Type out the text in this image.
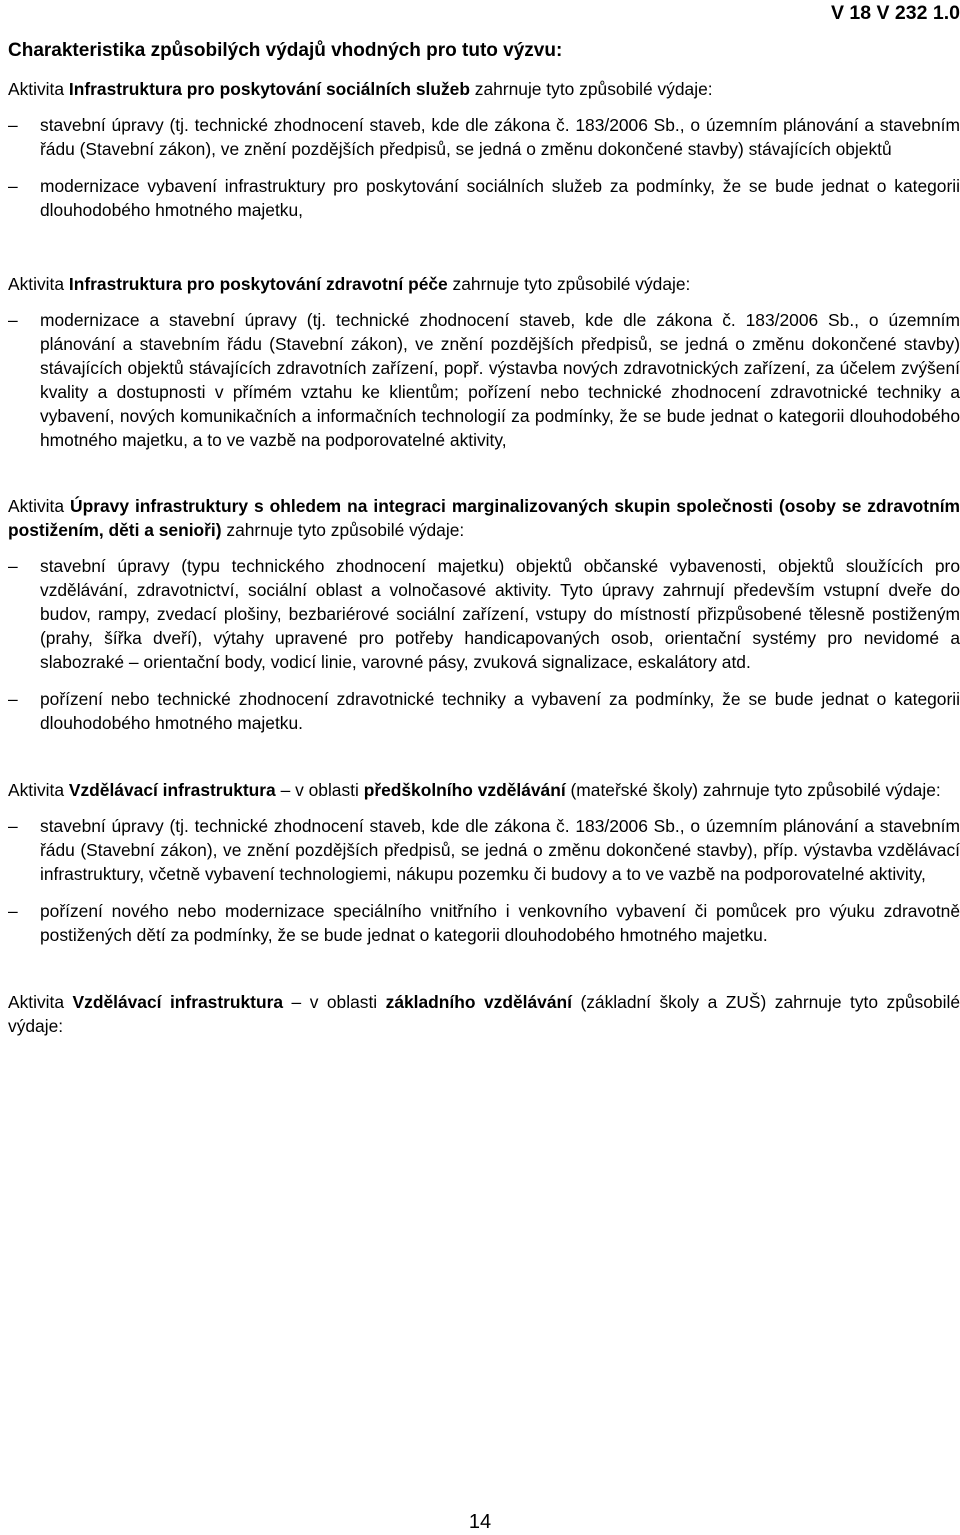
V 18 V 232 1.0
Charakteristika způsobilých výdajů vhodných pro tuto výzvu:

Aktivita Infrastruktura pro poskytování sociálních služeb zahrnuje tyto způsobilé výdaje:

–	stavební úpravy (tj. technické zhodnocení staveb, kde dle zákona č. 183/2006 Sb., o územním plánování a stavebním řádu (Stavební zákon), ve znění pozdějších předpisů, se jedná o změnu dokončené stavby) stávajících objektů
–	modernizace vybavení infrastruktury pro poskytování sociálních služeb za podmínky, že se bude jednat o kategorii dlouhodobého hmotného majetku,

Aktivita Infrastruktura pro poskytování zdravotní péče zahrnuje tyto způsobilé výdaje:

–	modernizace a stavební úpravy (tj. technické zhodnocení staveb, kde dle zákona č. 183/2006 Sb., o územním plánování a stavebním řádu (Stavební zákon), ve znění pozdějších předpisů, se jedná o změnu dokončené stavby) stávajících objektů stávajících zdravotních zařízení, popř. výstavba nových zdravotnických zařízení, za účelem zvýšení kvality a dostupnosti v přímém vztahu ke klientům; pořízení nebo technické zhodnocení zdravotnické techniky a vybavení, nových komunikačních a informačních technologií za podmínky, že se bude jednat o kategorii dlouhodobého hmotného majetku, a to ve vazbě na podporovatelné aktivity,

Aktivita Úpravy infrastruktury s ohledem na integraci marginalizovaných skupin společnosti (osoby se zdravotním postižením, děti a senioři) zahrnuje tyto způsobilé výdaje:

–	stavební úpravy (typu technického zhodnocení majetku) objektů občanské vybavenosti, objektů sloužících pro vzdělávání, zdravotnictví, sociální oblast a volnočasové aktivity. Tyto úpravy zahrnují především vstupní dveře do budov, rampy, zvedací plošiny, bezbariérové sociální zařízení, vstupy do místností přizpůsobené tělesně postiženým (prahy, šířka dveří), výtahy upravené pro potřeby handicapovaných osob, orientační systémy pro nevidomé a slabozraké – orientační body, vodicí linie, varovné pásy, zvuková signalizace, eskalátory atd.
–	pořízení nebo technické zhodnocení zdravotnické techniky a vybavení za podmínky, že se bude jednat o kategorii dlouhodobého hmotného majetku.

Aktivita Vzdělávací infrastruktura – v oblasti předškolního vzdělávání (mateřské školy) zahrnuje tyto způsobilé výdaje:

–	stavební úpravy (tj. technické zhodnocení staveb, kde dle zákona č. 183/2006 Sb., o územním plánování a stavebním řádu (Stavební zákon), ve znění pozdějších předpisů, se jedná o změnu dokončené stavby), příp. výstavba vzdělávací infrastruktury, včetně vybavení technologiemi, nákupu pozemku či budovy a to ve vazbě na podporovatelné aktivity,
–	pořízení nového nebo modernizace speciálního vnitřního i venkovního vybavení či pomůcek pro výuku zdravotně postižených dětí za podmínky, že se bude jednat o kategorii dlouhodobého hmotného majetku.

Aktivita Vzdělávací infrastruktura – v oblasti základního vzdělávání (základní školy a ZUŠ) zahrnuje tyto způsobilé výdaje:

14
